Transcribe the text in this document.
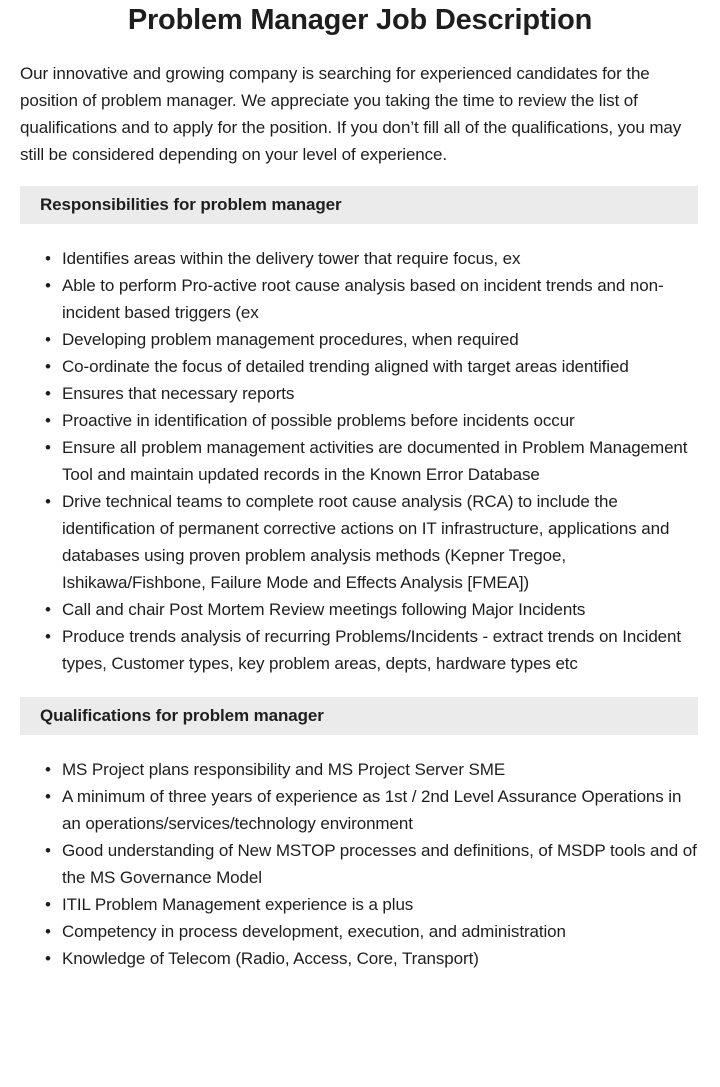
Problem Manager Job Description

Our innovative and growing company is searching for experienced candidates for the position of problem manager. We appreciate you taking the time to review the list of qualifications and to apply for the position. If you don’t fill all of the qualifications, you may still be considered depending on your level of experience.

Responsibilities for problem manager
•
Identifies areas within the delivery tower that require focus, ex
•
Able to perform Pro-active root cause analysis based on incident trends and non-incident based triggers (ex
•
Developing problem management procedures, when required
•
Co-ordinate the focus of detailed trending aligned with target areas identified
•
Ensures that necessary reports
•
Proactive in identification of possible problems before incidents occur
•
Ensure all problem management activities are documented in Problem Management Tool and maintain updated records in the Known Error Database
•
Drive technical teams to complete root cause analysis (RCA) to include the identification of permanent corrective actions on IT infrastructure, applications and databases using proven problem analysis methods (Kepner Tregoe, Ishikawa/Fishbone, Failure Mode and Effects Analysis [FMEA])
•
Call and chair Post Mortem Review meetings following Major Incidents
•
Produce trends analysis of recurring Problems/Incidents - extract trends on Incident types, Customer types, key problem areas, depts, hardware types etc
Qualifications for problem manager
•
MS Project plans responsibility and MS Project Server SME
•
A minimum of three years of experience as 1st / 2nd Level Assurance Operations in an operations/services/technology environment
•
Good understanding of New MSTOP processes and definitions, of MSDP tools and of the MS Governance Model
•
ITIL Problem Management experience is a plus
•
Competency in process development, execution, and administration
•
Knowledge of Telecom (Radio, Access, Core, Transport)
